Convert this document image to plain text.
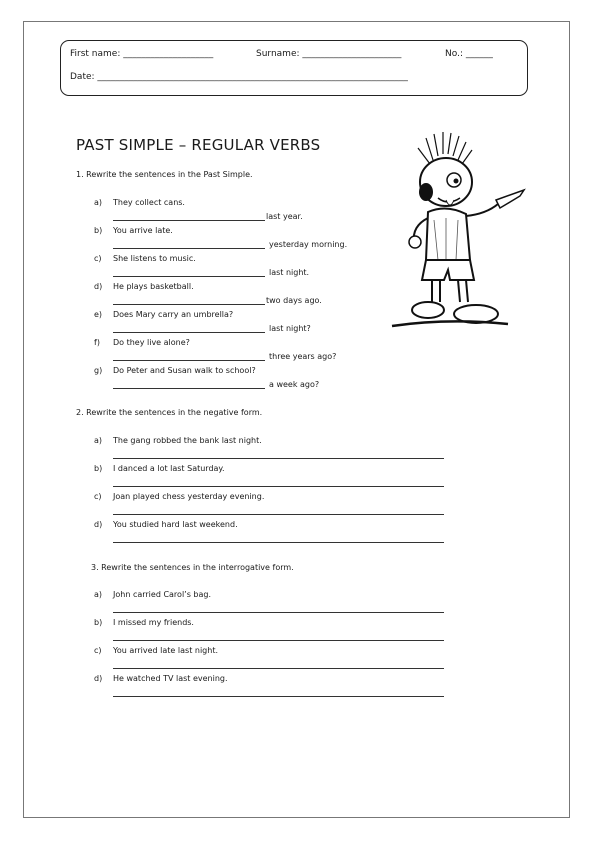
First name: ____________________	Surname: ______________________	No.: ______
Date: _____________________________________________________________________
PAST SIMPLE – REGULAR VERBS
1. Rewrite the sentences in the Past Simple.
a) They collect cans.
last year.
b) You arrive late.
yesterday morning.
c) She listens to music.
last night.
d) He plays basketball.
two days ago.
e) Does Mary carry an umbrella?
last night?
f) Do they live alone?
three years ago?
g) Do Peter and Susan walk to school?
a week ago?
2. Rewrite the sentences in the negative form.
a) The gang robbed the bank last night.
b) I danced a lot last Saturday.
c) Joan played chess yesterday evening.
d) You studied hard last weekend.
3. Rewrite the sentences in the interrogative form.
a) John carried Carol’s bag.
b) I missed my friends.
c) You arrived late last night.
d) He watched TV last evening.
